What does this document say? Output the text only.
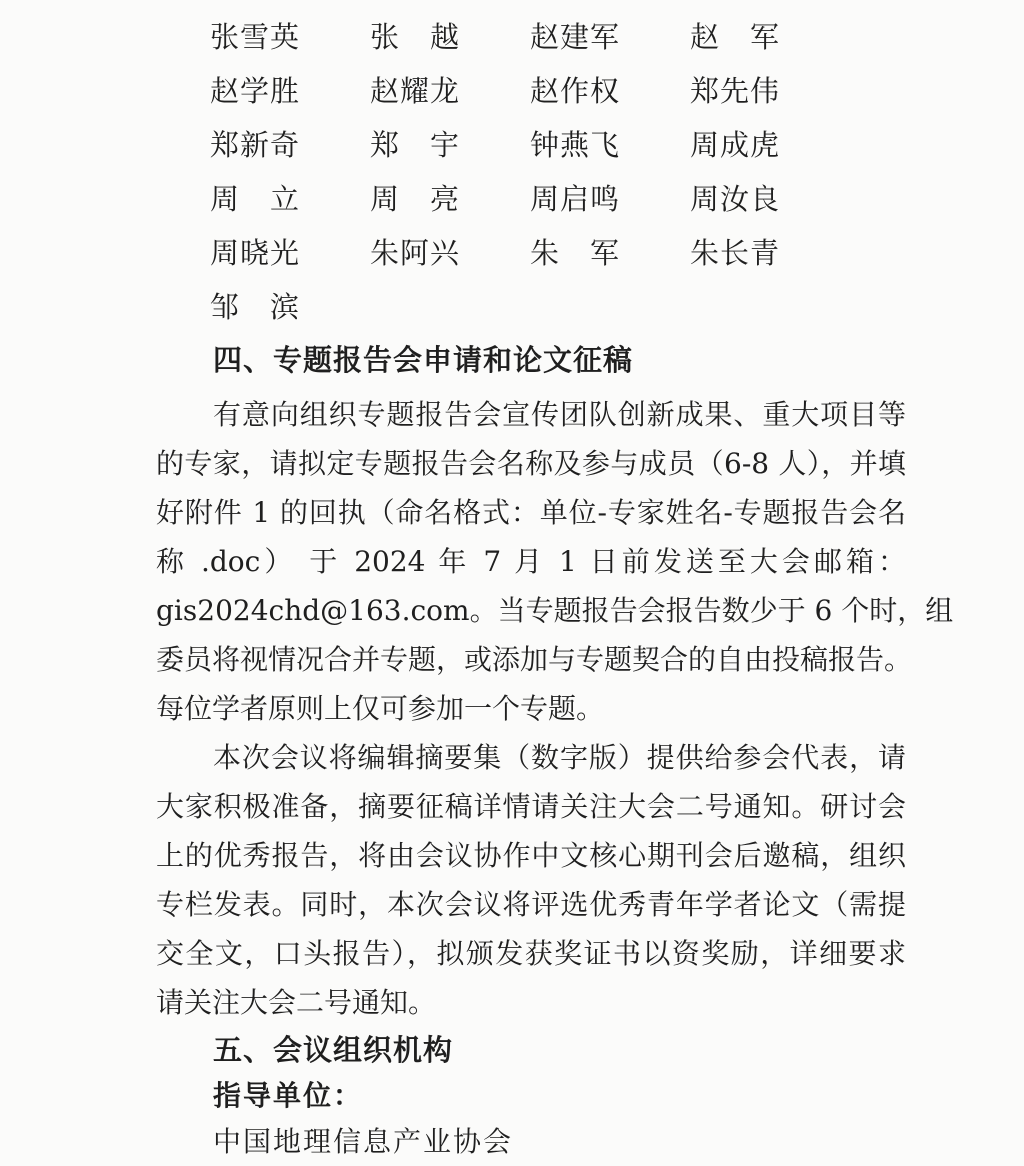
张雪英	张　越	赵建军	赵　军
赵学胜	赵耀龙	赵作权	郑先伟
郑新奇	郑　宇	钟燕飞	周成虎
周　立	周　亮	周启鸣	周汝良
周晓光	朱阿兴	朱　军	朱长青
邹　滨
四、专题报告会申请和论文征稿
有意向组织专题报告会宣传团队创新成果、重大项目等
的专家，请拟定专题报告会名称及参与成员（6-8 人），并填
好附件 1 的回执（命名格式：单位-专家姓名-专题报告会名
称 .doc） 于 2024 年 7 月 1 日前发送至大会邮箱：
gis2024chd@163.com。当专题报告会报告数少于 6 个时，组
委员将视情况合并专题，或添加与专题契合的自由投稿报告。
每位学者原则上仅可参加一个专题。
本次会议将编辑摘要集（数字版）提供给参会代表，请
大家积极准备，摘要征稿详情请关注大会二号通知。研讨会
上的优秀报告，将由会议协作中文核心期刊会后邀稿，组织
专栏发表。同时，本次会议将评选优秀青年学者论文（需提
交全文，口头报告），拟颁发获奖证书以资奖励，详细要求
请关注大会二号通知。
五、会议组织机构
指导单位：
中国地理信息产业协会
